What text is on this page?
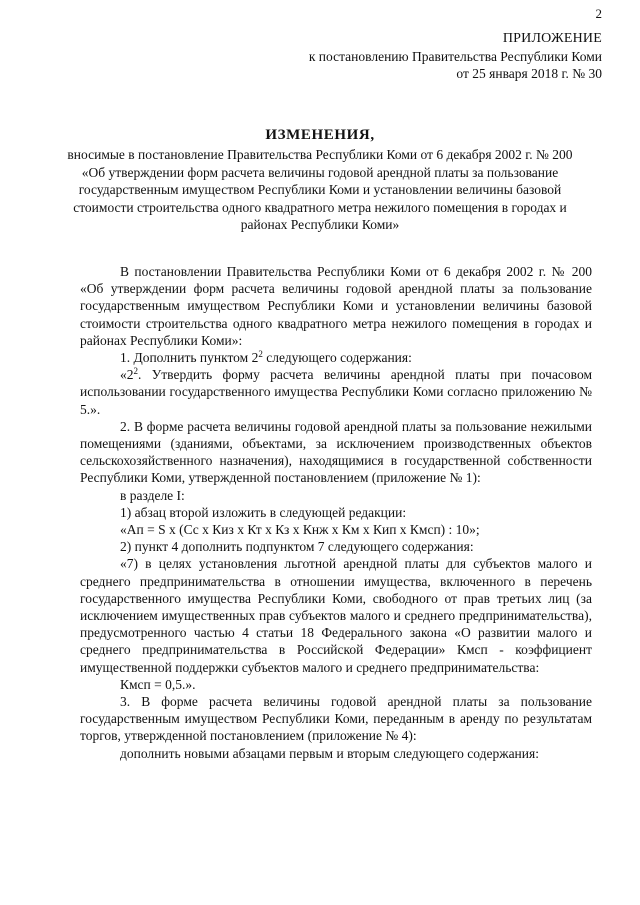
2
ПРИЛОЖЕНИЕ
к постановлению Правительства Республики Коми
от 25 января 2018 г. № 30
ИЗМЕНЕНИЯ,
вносимые в постановление Правительства Республики Коми от 6 декабря 2002 г. № 200 «Об утверждении форм расчета величины годовой арендной платы за пользование государственным имуществом Республики Коми и установлении величины базовой стоимости строительства одного квадратного метра нежилого помещения в городах и районах Республики Коми»

В постановлении Правительства Республики Коми от 6 декабря 2002 г. № 200 «Об утверждении форм расчета величины годовой арендной платы за пользование государственным имуществом Республики Коми и установлении величины базовой стоимости строительства одного квадратного метра нежилого помещения в городах и районах Республики Коми»:

1. Дополнить пунктом $2^2$ следующего содержания:

«$2^2$. Утвердить форму расчета величины арендной платы при почасовом использовании государственного имущества Республики Коми согласно приложению № 5.».

2. В форме расчета величины годовой арендной платы за пользование нежилыми помещениями (зданиями, объектами, за исключением производственных объектов сельскохозяйственного назначения), находящимися в государственной собственности Республики Коми, утвержденной постановлением (приложение № 1):

в разделе I:

1) абзац второй изложить в следующей редакции:

«Ап = S х (Сс х Киз х Кт х Кз х Кнж х Км х Кип х Кмсп) : 10»;

2) пункт 4 дополнить подпунктом 7 следующего содержания:

«7) в целях установления льготной арендной платы для субъектов малого и среднего предпринимательства в отношении имущества, включенного в перечень государственного имущества Республики Коми, свободного от прав третьих лиц (за исключением имущественных прав субъектов малого и среднего предпринимательства), предусмотренного частью 4 статьи 18 Федерального закона «О развитии малого и среднего предпринимательства в Российской Федерации» Кмсп - коэффициент имущественной поддержки субъектов малого и среднего предпринимательства:

Кмсп = 0,5.».

3. В форме расчета величины годовой арендной платы за пользование государственным имуществом Республики Коми, переданным в аренду по результатам торгов, утвержденной постановлением (приложение № 4):

дополнить новыми абзацами первым и вторым следующего содержания:
